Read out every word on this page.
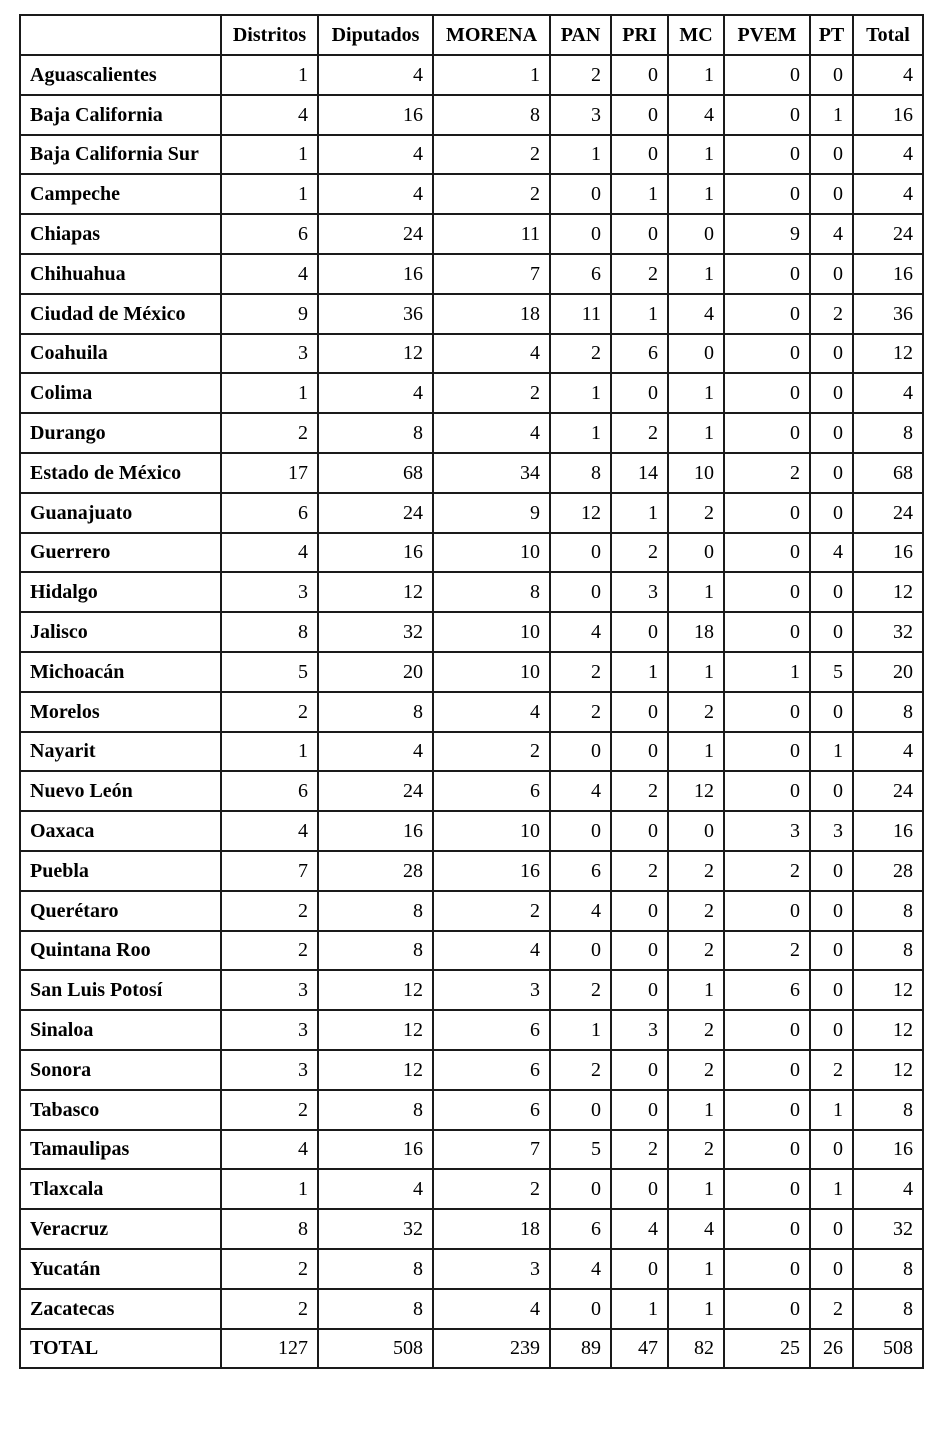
	Distritos	Diputados	MORENA	PAN	PRI	MC	PVEM	PT	Total
Aguascalientes	1	4	1	2	0	1	0	0	4
Baja California	4	16	8	3	0	4	0	1	16
Baja California Sur	1	4	2	1	0	1	0	0	4
Campeche	1	4	2	0	1	1	0	0	4
Chiapas	6	24	11	0	0	0	9	4	24
Chihuahua	4	16	7	6	2	1	0	0	16
Ciudad de México	9	36	18	11	1	4	0	2	36
Coahuila	3	12	4	2	6	0	0	0	12
Colima	1	4	2	1	0	1	0	0	4
Durango	2	8	4	1	2	1	0	0	8
Estado de México	17	68	34	8	14	10	2	0	68
Guanajuato	6	24	9	12	1	2	0	0	24
Guerrero	4	16	10	0	2	0	0	4	16
Hidalgo	3	12	8	0	3	1	0	0	12
Jalisco	8	32	10	4	0	18	0	0	32
Michoacán	5	20	10	2	1	1	1	5	20
Morelos	2	8	4	2	0	2	0	0	8
Nayarit	1	4	2	0	0	1	0	1	4
Nuevo León	6	24	6	4	2	12	0	0	24
Oaxaca	4	16	10	0	0	0	3	3	16
Puebla	7	28	16	6	2	2	2	0	28
Querétaro	2	8	2	4	0	2	0	0	8
Quintana Roo	2	8	4	0	0	2	2	0	8
San Luis Potosí	3	12	3	2	0	1	6	0	12
Sinaloa	3	12	6	1	3	2	0	0	12
Sonora	3	12	6	2	0	2	0	2	12
Tabasco	2	8	6	0	0	1	0	1	8
Tamaulipas	4	16	7	5	2	2	0	0	16
Tlaxcala	1	4	2	0	0	1	0	1	4
Veracruz	8	32	18	6	4	4	0	0	32
Yucatán	2	8	3	4	0	1	0	0	8
Zacatecas	2	8	4	0	1	1	0	2	8
TOTAL	127	508	239	89	47	82	25	26	508
